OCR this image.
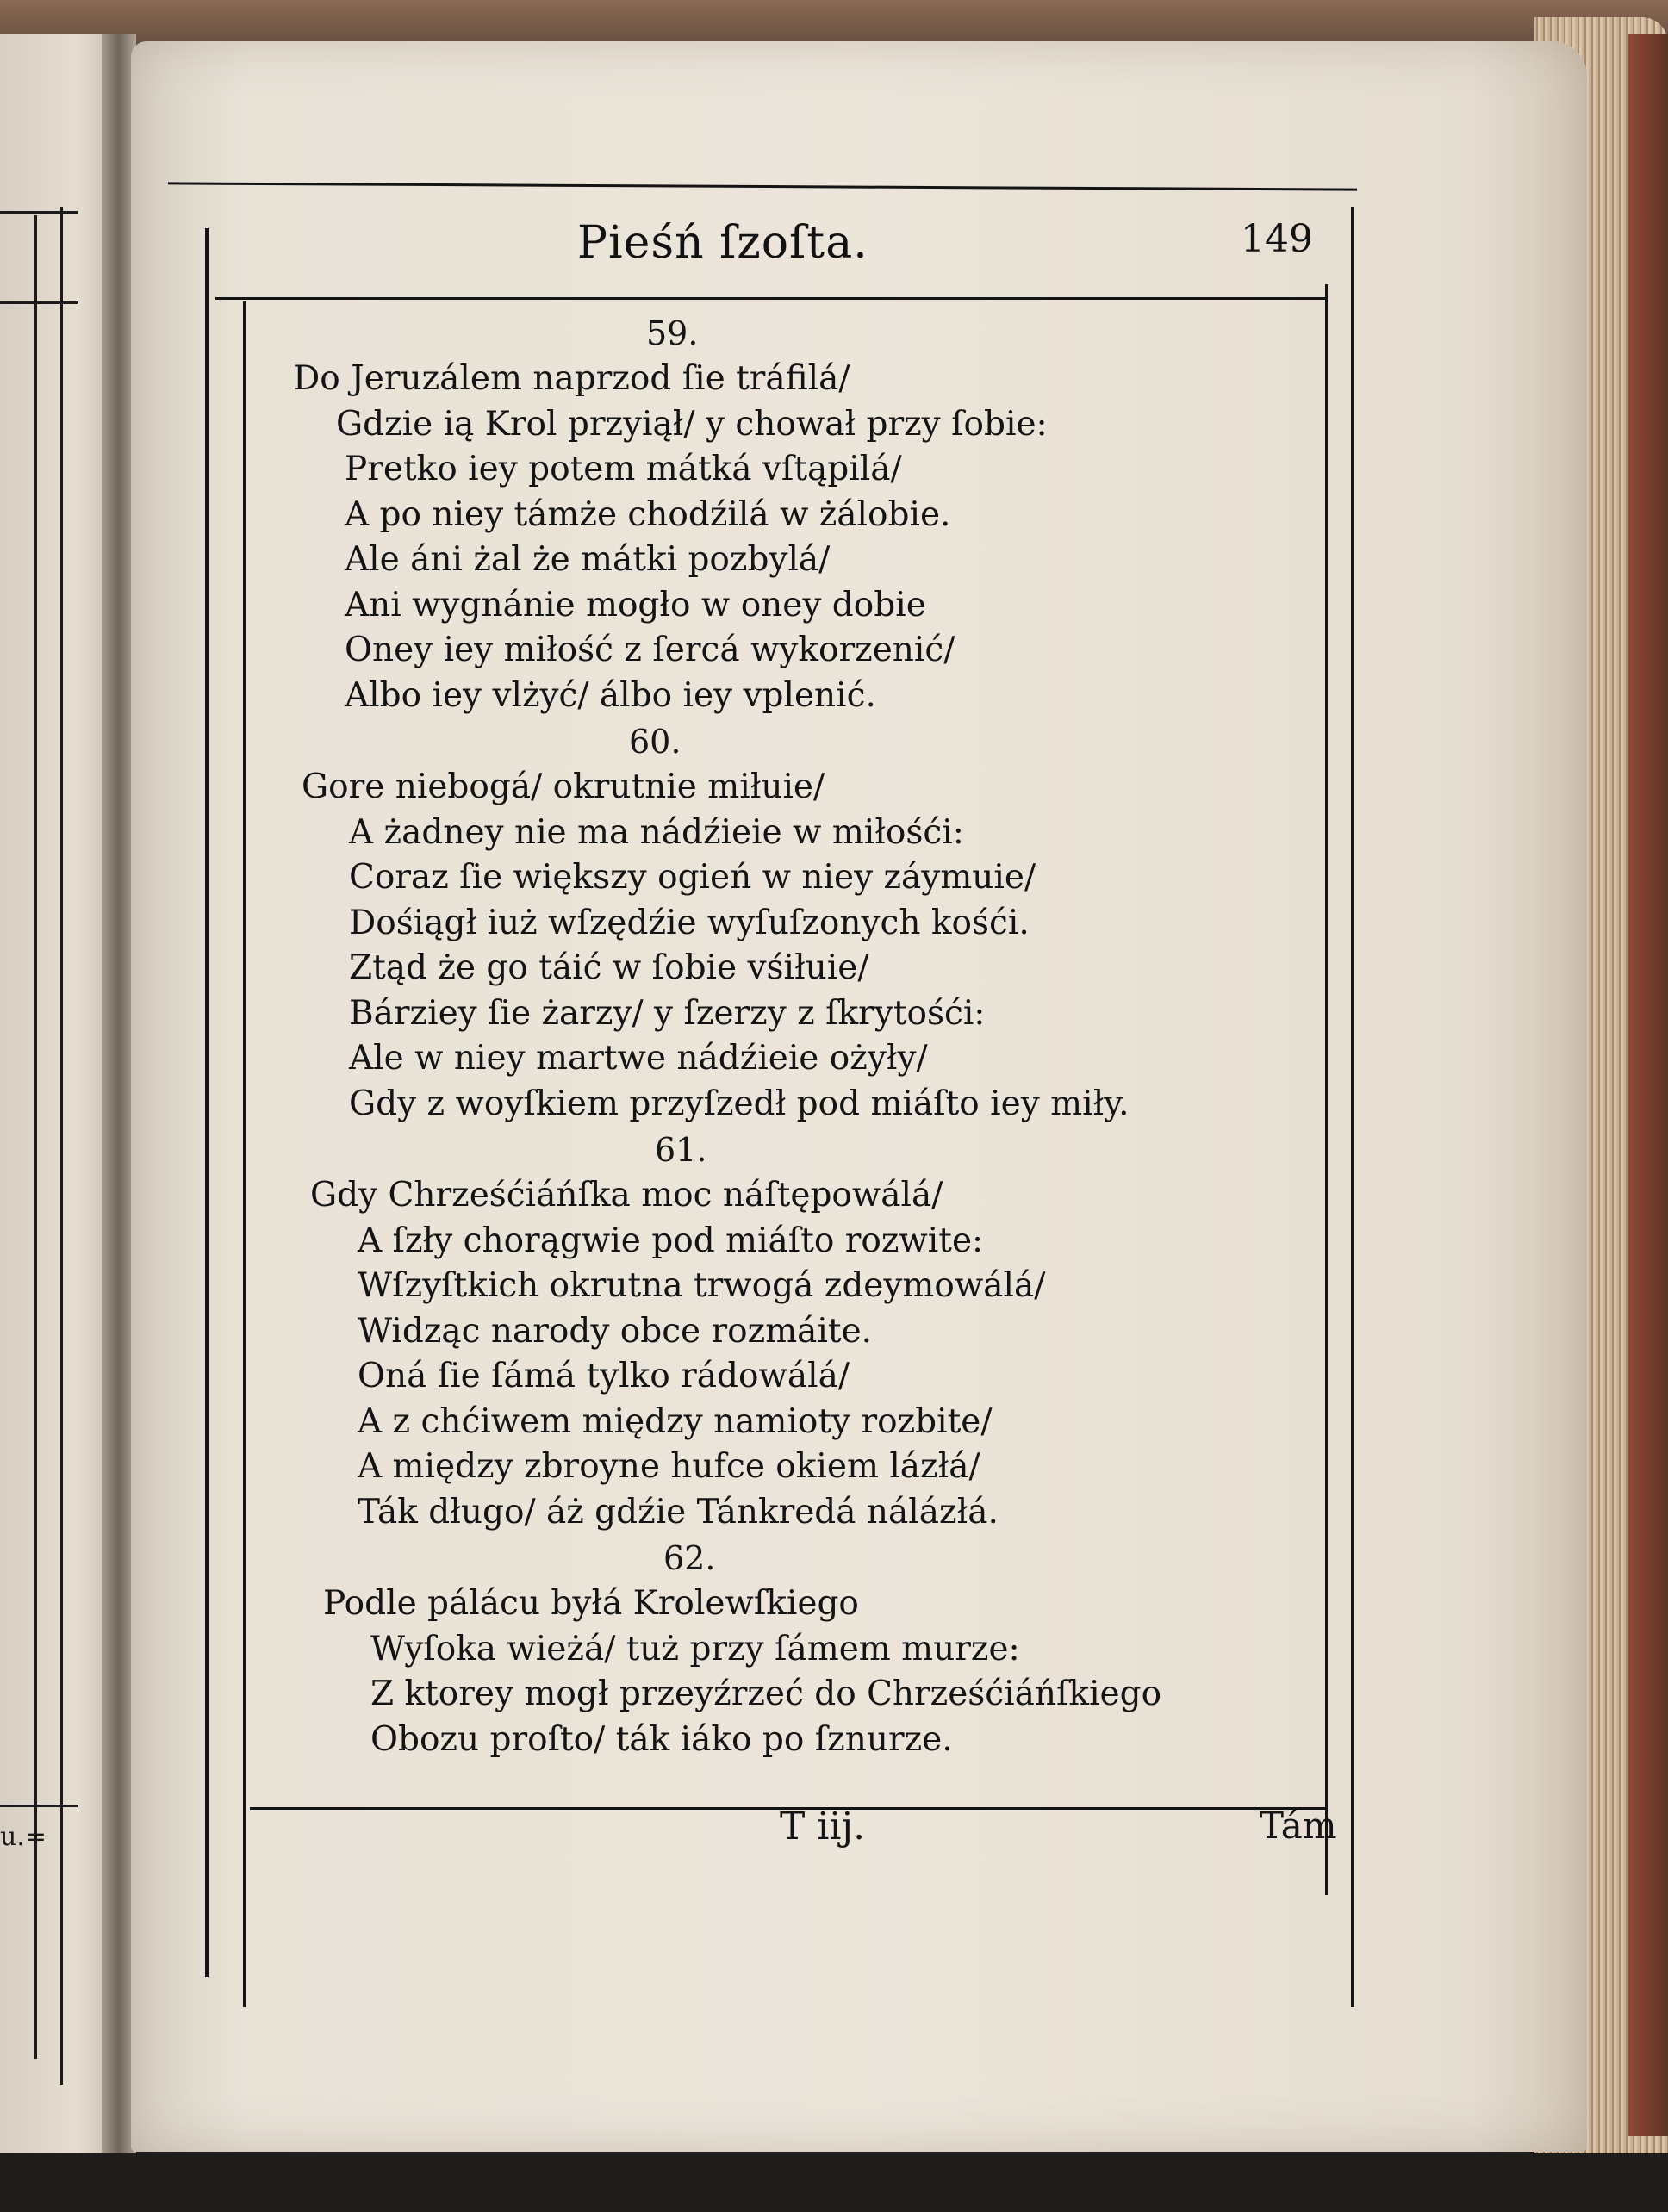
u.=
Pieśń ſzoſta.	149
59.
Do Jeruzálem naprzod ſie tráfilá/
Gdzie ią Krol przyiął/ y chował przy ſobie:
Pretko iey potem mátká vſtąpilá/
A po niey támże chodźilá w żálobie.
Ale áni żal że mátki pozbylá/
Ani wygnánie mogło w oney dobie
Oney iey miłość z ſercá wykorzenić/
Albo iey vlżyć/ álbo iey vplenić.
60.
Gore niebogá/ okrutnie miłuie/
A żadney nie ma nádźieie w miłośći:
Coraz ſie większy ogień w niey záymuie/
Dośiągł iuż wſzędźie wyſuſzonych kośći.
Ztąd że go táić w ſobie vśiłuie/
Bárziey ſie żarzy/ y ſzerzy z ſkrytośći:
Ale w niey martwe nádźieie ożyły/
Gdy z woyſkiem przyſzedł pod miáſto iey miły.
61.
Gdy Chrześćiáńſka moc náſtępowálá/
A ſzły chorągwie pod miáſto rozwite:
Wſzyſtkich okrutna trwogá zdeymowálá/
Widząc narody obce rozmáite.
Oná ſie ſámá tylko rádowálá/
A z chćiwem między namioty rozbite/
A między zbroyne hufce okiem lázłá/
Ták długo/ áż gdźie Tánkredá nálázłá.
62.
Podle pálácu byłá Krolewſkiego
Wyſoka wieżá/ tuż przy ſámem murze:
Z ktorey mogł przeyźrzeć do Chrześćiáńſkiego
Obozu proſto/ ták iáko po ſznurze.
T iij.	Tám
